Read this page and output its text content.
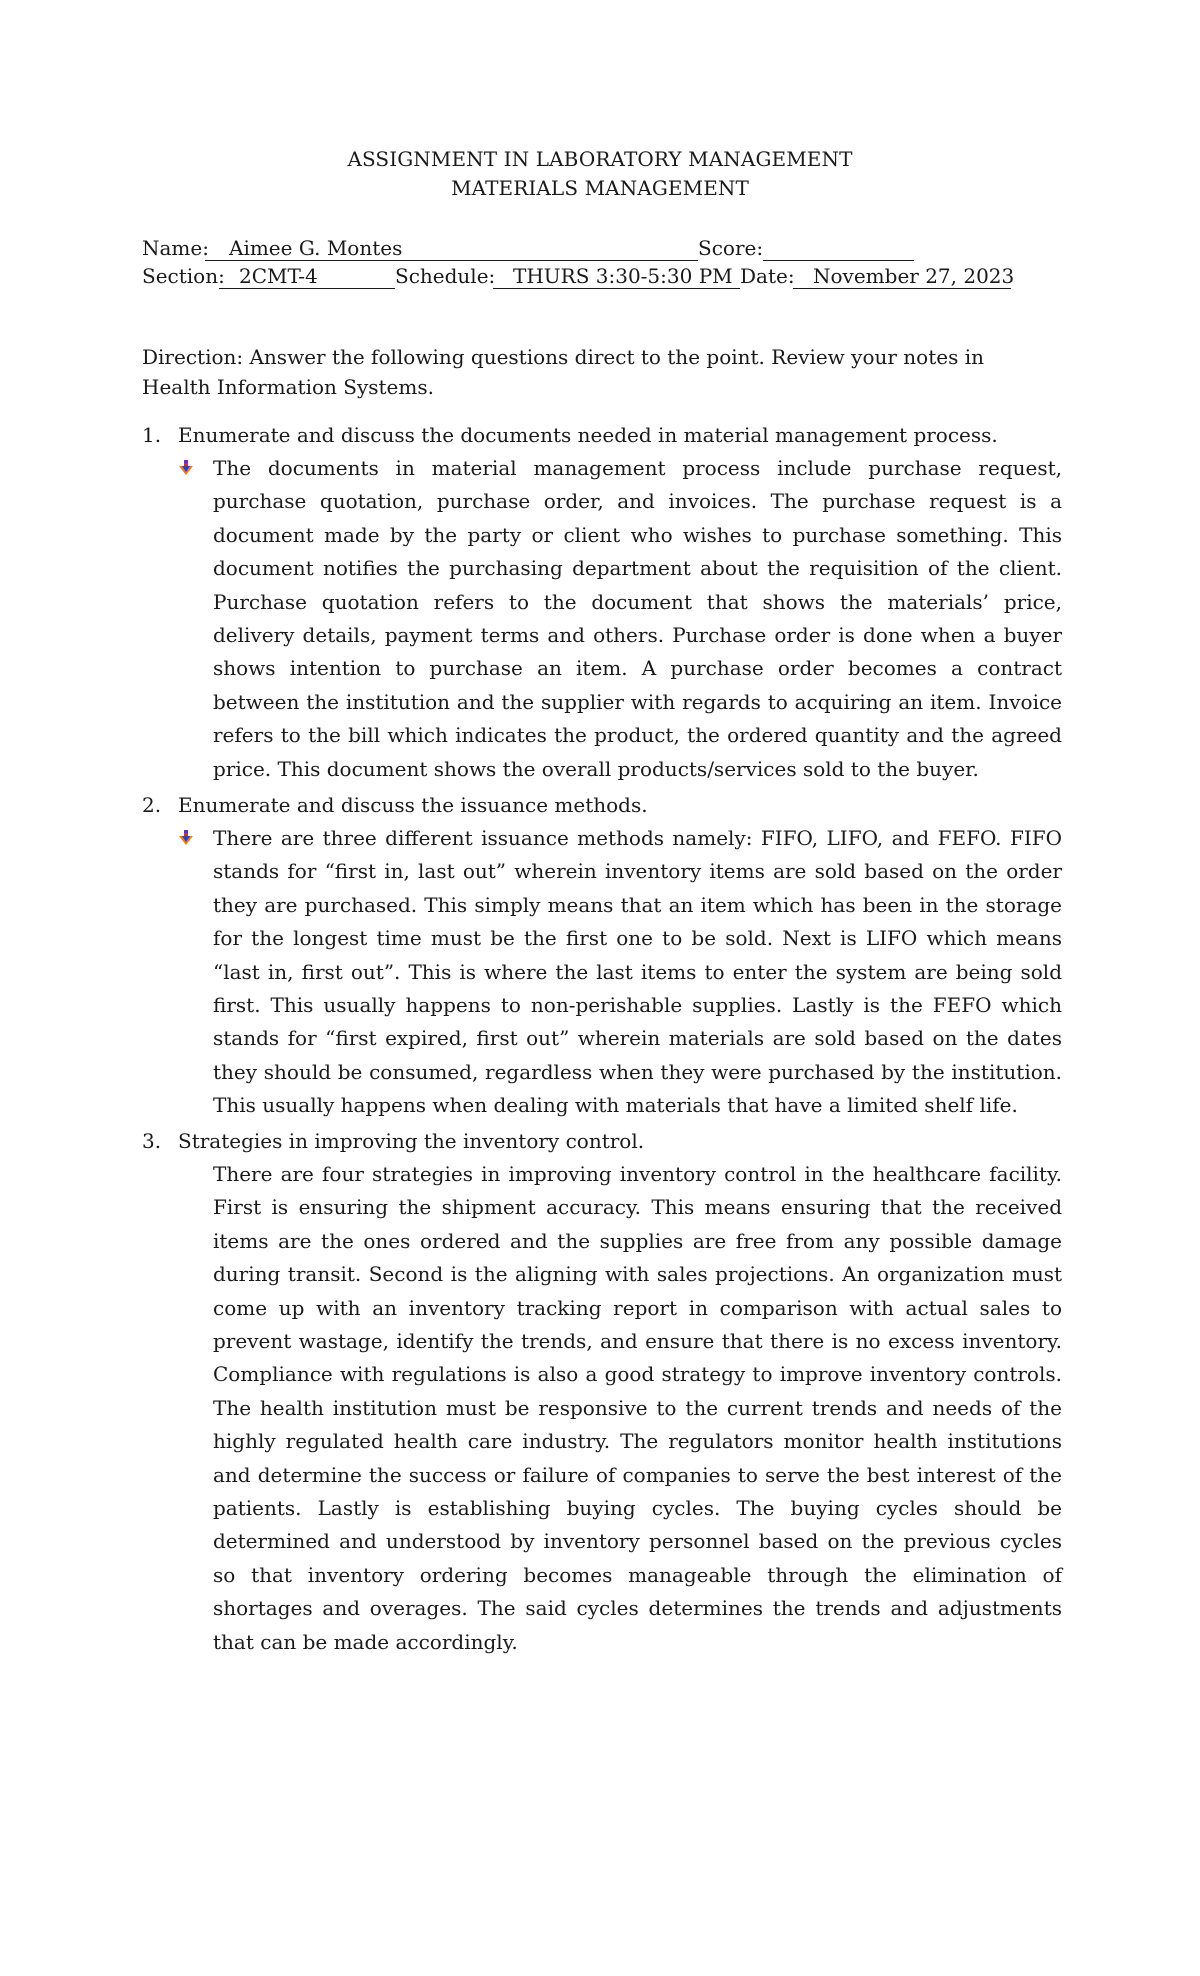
ASSIGNMENT IN LABORATORY MANAGEMENT
MATERIALS MANAGEMENT
Name:	Aimee G. Montes	Score:
Section: 2CMT-4	Schedule: THURS 3:30-5:30 PM Date: November 27, 2023
Direction: Answer the following questions direct to the point. Review your notes in Health Information Systems.
1. Enumerate and discuss the documents needed in material management process.
The documents in material management process include purchase request, purchase quotation, purchase order, and invoices. The purchase request is a document made by the party or client who wishes to purchase something. This document notifies the purchasing department about the requisition of the client. Purchase quotation refers to the document that shows the materials’ price, delivery details, payment terms and others. Purchase order is done when a buyer shows intention to purchase an item. A purchase order becomes a contract between the institution and the supplier with regards to acquiring an item. Invoice refers to the bill which indicates the product, the ordered quantity and the agreed price. This document shows the overall products/services sold to the buyer.
2. Enumerate and discuss the issuance methods.
There are three different issuance methods namely: FIFO, LIFO, and FEFO. FIFO stands for “first in, last out” wherein inventory items are sold based on the order they are purchased. This simply means that an item which has been in the storage for the longest time must be the first one to be sold. Next is LIFO which means “last in, first out”. This is where the last items to enter the system are being sold first. This usually happens to non-perishable supplies. Lastly is the FEFO which stands for “first expired, first out” wherein materials are sold based on the dates they should be consumed, regardless when they were purchased by the institution. This usually happens when dealing with materials that have a limited shelf life.
3. Strategies in improving the inventory control.
There are four strategies in improving inventory control in the healthcare facility. First is ensuring the shipment accuracy. This means ensuring that the received items are the ones ordered and the supplies are free from any possible damage during transit. Second is the aligning with sales projections. An organization must come up with an inventory tracking report in comparison with actual sales to prevent wastage, identify the trends, and ensure that there is no excess inventory. Compliance with regulations is also a good strategy to improve inventory controls. The health institution must be responsive to the current trends and needs of the highly regulated health care industry. The regulators monitor health institutions and determine the success or failure of companies to serve the best interest of the patients. Lastly is establishing buying cycles. The buying cycles should be determined and understood by inventory personnel based on the previous cycles so that inventory ordering becomes manageable through the elimination of shortages and overages. The said cycles determines the trends and adjustments that can be made accordingly.
